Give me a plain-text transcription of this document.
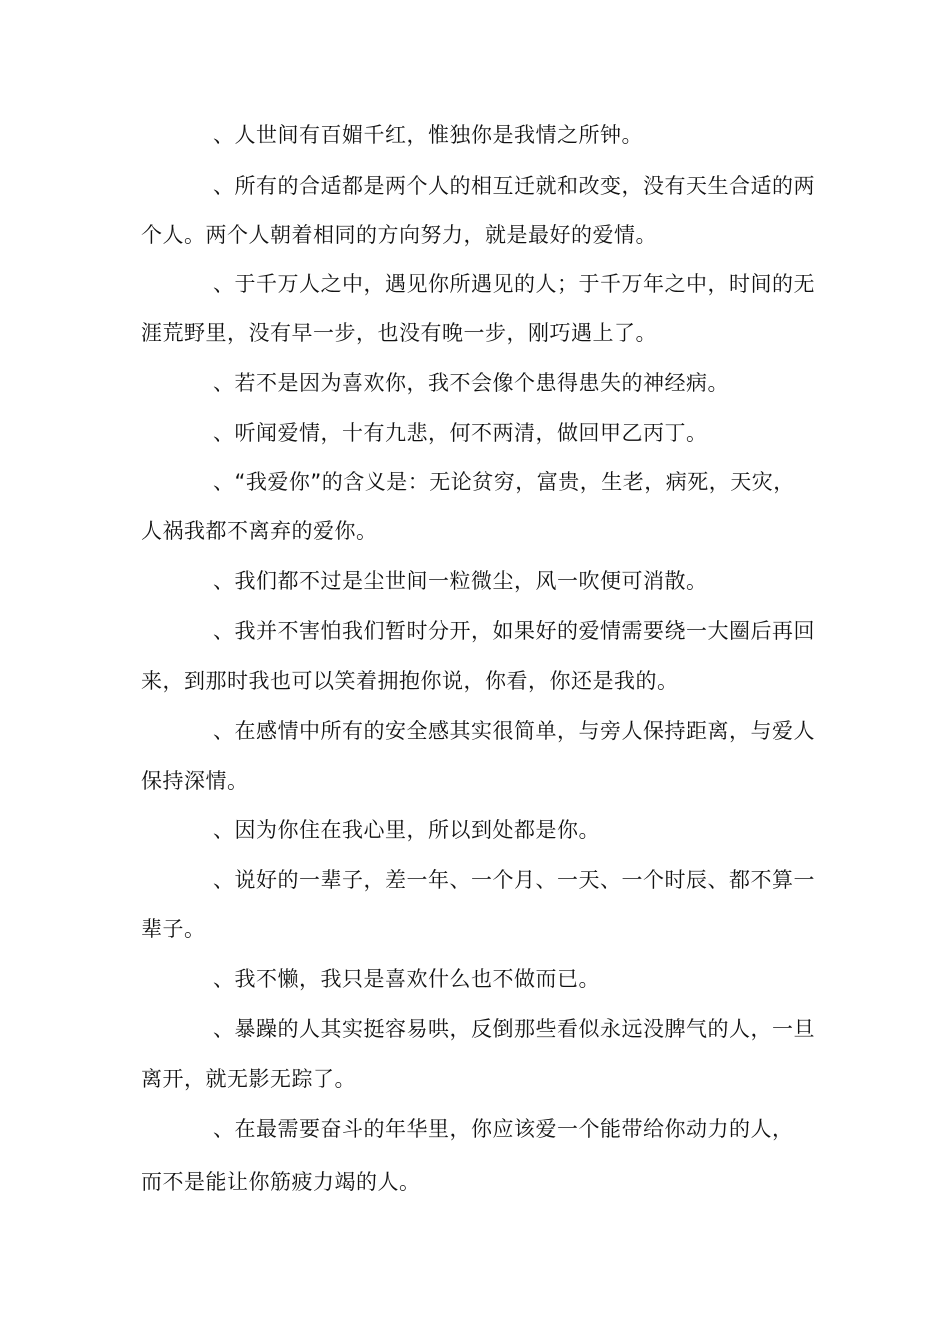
、人世间有百媚千红，惟独你是我情之所钟。
、所有的合适都是两个人的相互迁就和改变，没有天生合适的两
个人。两个人朝着相同的方向努力，就是最好的爱情。
、于千万人之中，遇见你所遇见的人；于千万年之中，时间的无
涯荒野里，没有早一步，也没有晚一步，刚巧遇上了。
、若不是因为喜欢你，我不会像个患得患失的神经病。
、听闻爱情，十有九悲，何不两清，做回甲乙丙丁。
、“我爱你”的含义是：无论贫穷，富贵，生老，病死，天灾，
人祸我都不离弃的爱你。
、我们都不过是尘世间一粒微尘，风一吹便可消散。
、我并不害怕我们暂时分开，如果好的爱情需要绕一大圈后再回
来，到那时我也可以笑着拥抱你说，你看，你还是我的。
、在感情中所有的安全感其实很简单，与旁人保持距离，与爱人
保持深情。
、因为你住在我心里，所以到处都是你。
、说好的一辈子，差一年、一个月、一天、一个时辰、都不算一
辈子。
、我不懒，我只是喜欢什么也不做而已。
、暴躁的人其实挺容易哄，反倒那些看似永远没脾气的人，一旦
离开，就无影无踪了。
、在最需要奋斗的年华里，你应该爱一个能带给你动力的人，
而不是能让你筋疲力竭的人。
